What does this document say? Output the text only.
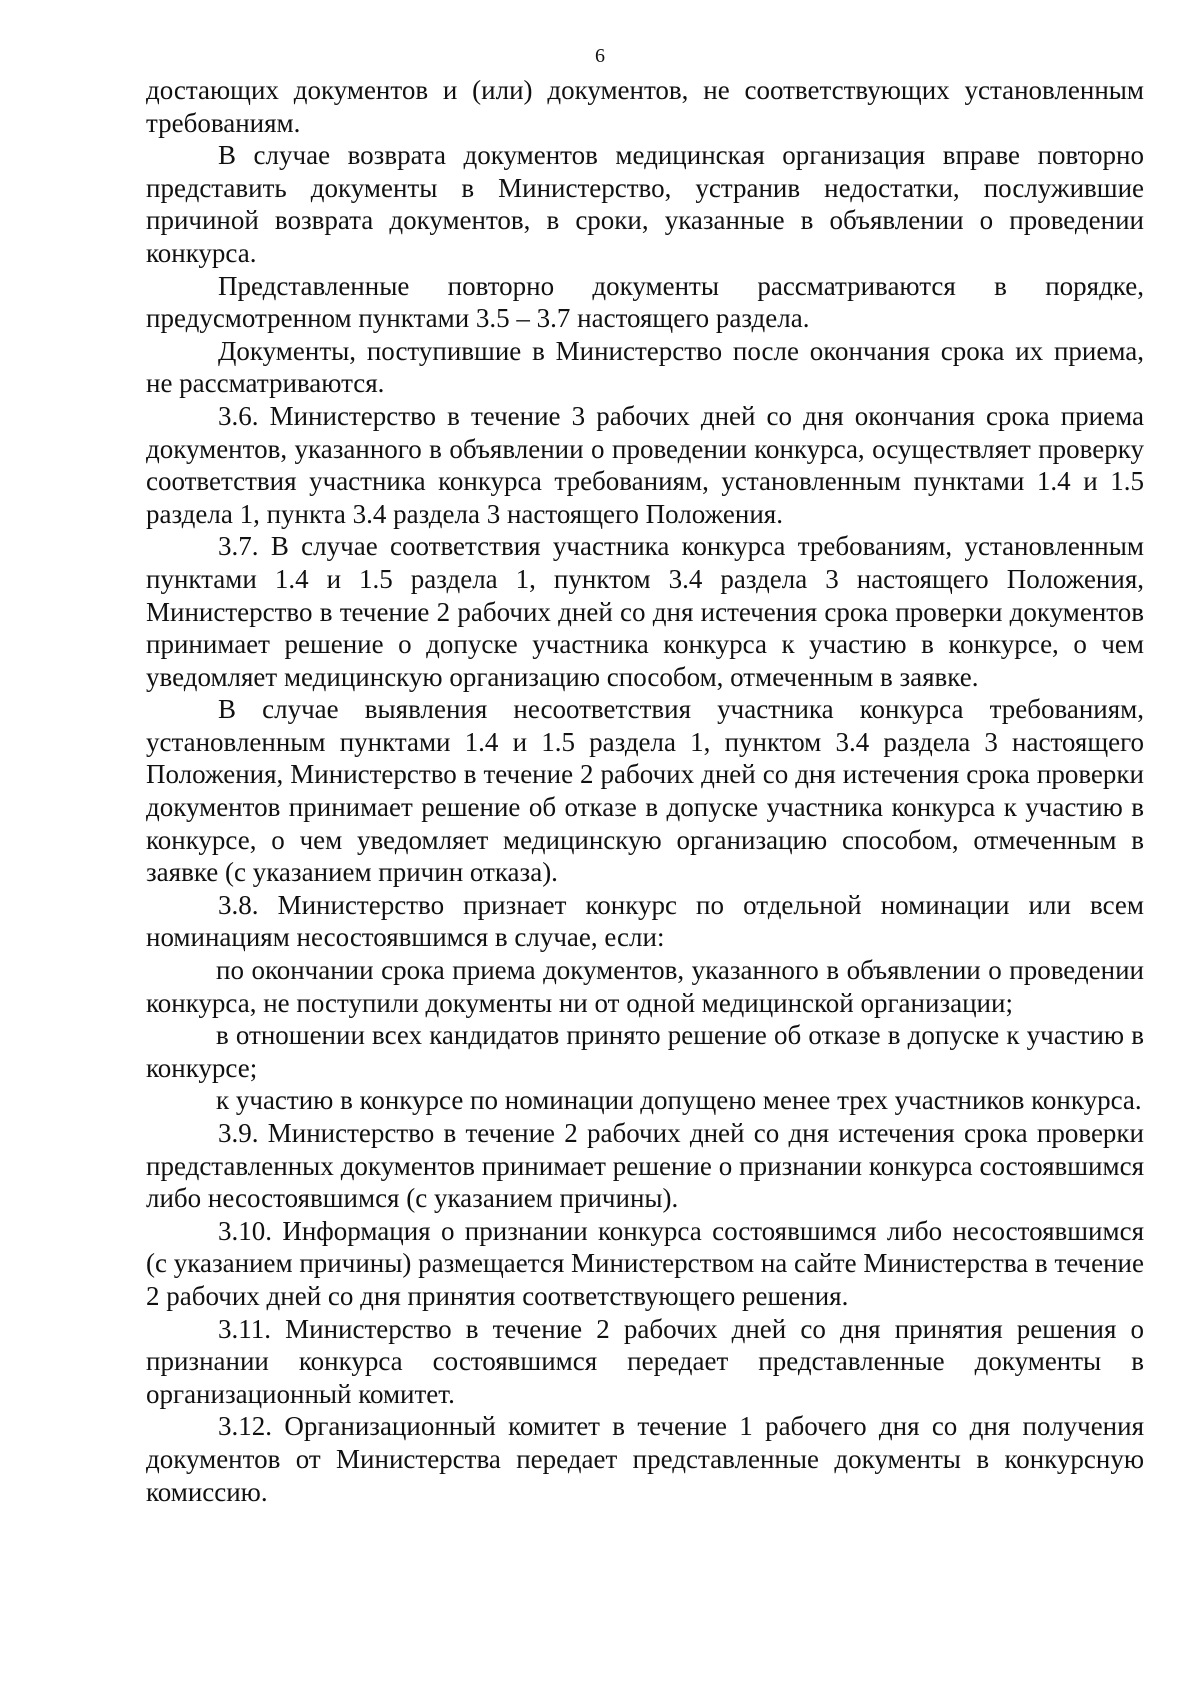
6

достающих документов и (или) документов, не соответствующих установленным требованиям.

В случае возврата документов медицинская организация вправе повторно представить документы в Министерство, устранив недостатки, послужившие причиной возврата документов, в сроки, указанные в объявлении о проведении конкурса.

Представленные повторно документы рассматриваются в порядке, предусмотренном пунктами 3.5 – 3.7 настоящего раздела.

Документы, поступившие в Министерство после окончания срока их приема, не рассматриваются.

3.6. Министерство в течение 3 рабочих дней со дня окончания срока приема документов, указанного в объявлении о проведении конкурса, осуществляет проверку соответствия участника конкурса требованиям, установленным пунктами 1.4 и 1.5 раздела 1, пункта 3.4 раздела 3 настоящего Положения.

3.7. В случае соответствия участника конкурса требованиям, установленным пунктами 1.4 и 1.5 раздела 1, пунктом 3.4 раздела 3 настоящего Положения, Министерство в течение 2 рабочих дней со дня истечения срока проверки документов принимает решение о допуске участника конкурса к участию в конкурсе, о чем уведомляет медицинскую организацию способом, отмеченным в заявке.

В случае выявления несоответствия участника конкурса требованиям, установленным пунктами 1.4 и 1.5 раздела 1, пунктом 3.4 раздела 3 настоящего Положения, Министерство в течение 2 рабочих дней со дня истечения срока проверки документов принимает решение об отказе в допуске участника конкурса к участию в конкурсе, о чем уведомляет медицинскую организацию способом, отмеченным в заявке (с указанием причин отказа).

3.8. Министерство признает конкурс по отдельной номинации или всем номинациям несостоявшимся в случае, если:

по окончании срока приема документов, указанного в объявлении о проведении конкурса, не поступили документы ни от одной медицинской организации;

в отношении всех кандидатов принято решение об отказе в допуске к участию в конкурсе;

к участию в конкурсе по номинации допущено менее трех участников конкурса.

3.9. Министерство в течение 2 рабочих дней со дня истечения срока проверки представленных документов принимает решение о признании конкурса состоявшимся либо несостоявшимся (с указанием причины).

3.10. Информация о признании конкурса состоявшимся либо несостоявшимся (с указанием причины) размещается Министерством на сайте Министерства в течение 2 рабочих дней со дня принятия соответствующего решения.

3.11. Министерство в течение 2 рабочих дней со дня принятия решения о признании конкурса состоявшимся передает представленные документы в организационный комитет.

3.12. Организационный комитет в течение 1 рабочего дня со дня получения документов от Министерства передает представленные документы в конкурсную комиссию.
